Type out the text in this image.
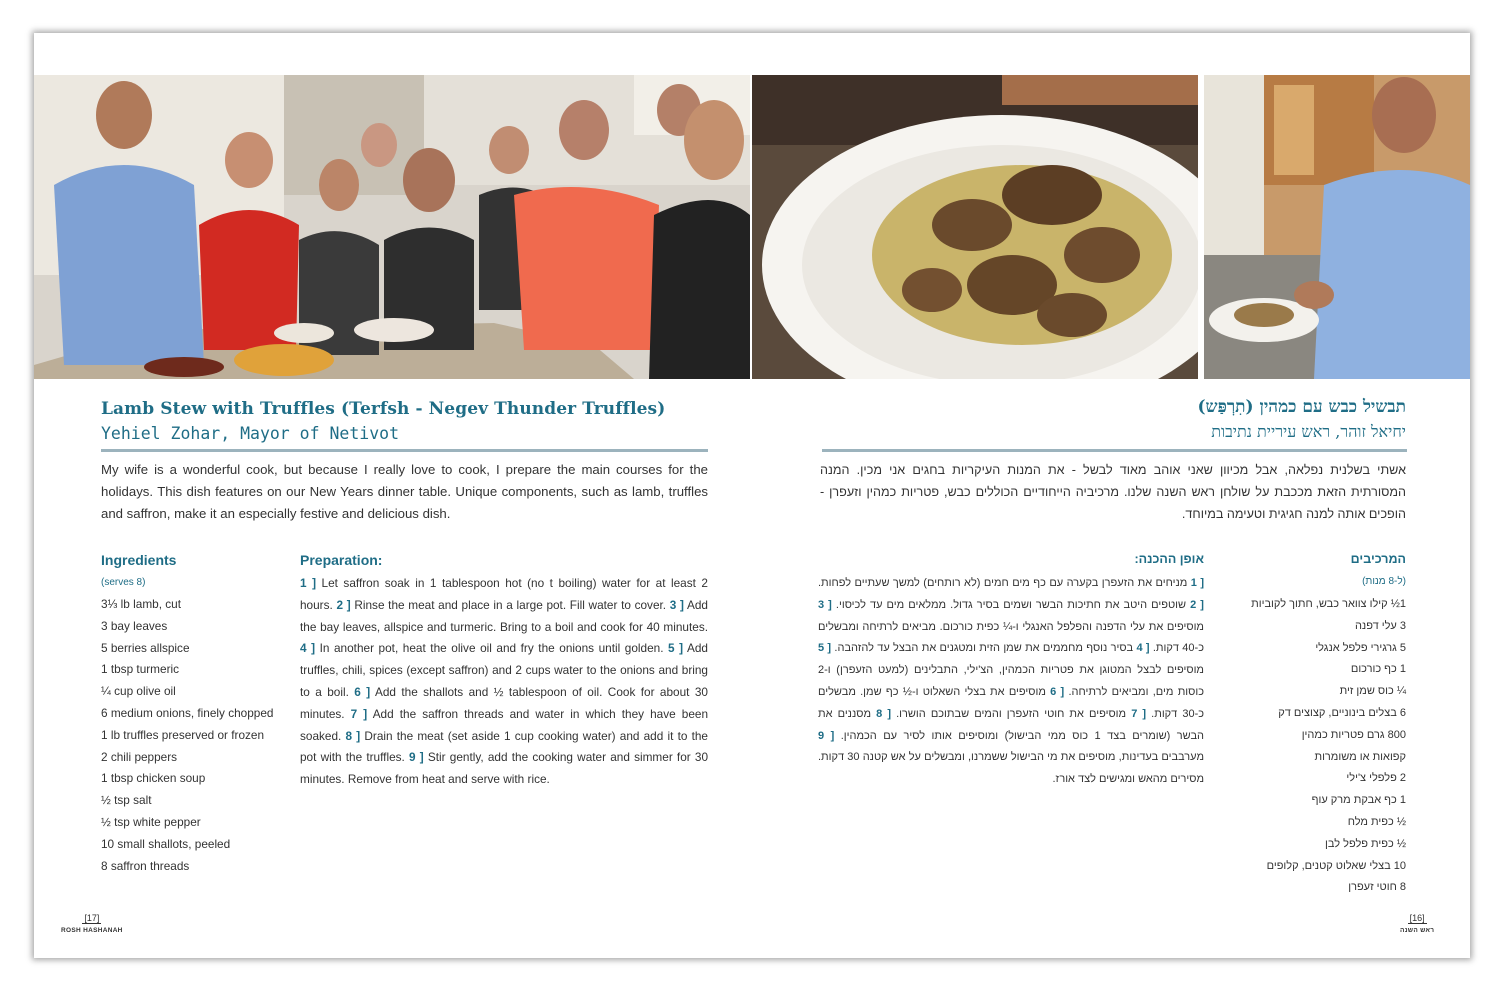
Lamb Stew with Truffles (Terfsh - Negev Thunder Truffles)
Yehiel Zohar, Mayor of Netivot
My wife is a wonderful cook, but because I really love to cook, I prepare the main courses for the holidays. This dish features on our New Years dinner table. Unique components, such as lamb, truffles and saffron, make it an especially festive and delicious dish.
Ingredients
(serves 8)
3⅓ lb lamb, cut
3 bay leaves
5 berries allspice
1 tbsp turmeric
¼ cup olive oil
6 medium onions, finely chopped
1 lb truffles preserved or frozen
2 chili peppers
1 tbsp chicken soup
½ tsp salt
½ tsp white pepper
10 small shallots, peeled
8 saffron threads
Preparation:
1 ] Let saffron soak in 1 tablespoon hot (no t boiling) water for at least 2 hours. 2 ] Rinse the meat and place in a large pot. Fill water to cover. 3 ] Add the bay leaves, allspice and turmeric. Bring to a boil and cook for 40 minutes. 4 ] In another pot, heat the olive oil and fry the onions until golden. 5 ] Add truffles, chili, spices (except saffron) and 2 cups water to the onions and bring to a boil. 6 ] Add the shallots and ½ tablespoon of oil. Cook for about 30 minutes. 7 ] Add the saffron threads and water in which they have been soaked. 8 ] Drain the meat (set aside 1 cup cooking water) and add it to the pot with the truffles. 9 ] Stir gently, add the cooking water and simmer for 30 minutes. Remove from heat and serve with rice.
תבשיל כבש עם כמהין (תִרְפַּש)
יחיאל זוהר, ראש עיריית נתיבות
אשתי בשלנית נפלאה, אבל מכיוון שאני אוהב מאוד לבשל - את המנות העיקריות בחגים אני מכין. המנה המסורתית הזאת מככבת על שולחן ראש השנה שלנו. מרכיביה הייחודיים הכוללים כבש, פטריות כמהין וזעפרן - הופכים אותה למנה חגיגית וטעימה במיוחד.
אופן ההכנה:
[ 1 מניחים את הזעפרן בקערה עם כף מים חמים (לא רותחים) למשך שעתיים לפחות. [ 2 שוטפים היטב את חתיכות הבשר ושמים בסיר גדול. ממלאים מים עד לכיסוי. [ 3 מוסיפים את עלי הדפנה והפלפל האנגלי ו-¼ כפית כורכום. מביאים לרתיחה ומבשלים כ-40 דקות. [ 4 בסיר נוסף מחממים את שמן הזית ומטגנים את הבצל עד להזהבה. [ 5 מוסיפים לבצל המטוגן את פטריות הכמהין, הצ'ילי, התבלינים (למעט הזעפרן) ו-2 כוסות מים, ומביאים לרתיחה. [ 6 מוסיפים את בצלי השאלוט ו-½ כף שמן. מבשלים כ-30 דקות. [ 7 מוסיפים את חוטי הזעפרן והמים שבתוכם הושרו. [ 8 מסננים את הבשר (שומרים בצד 1 כוס ממי הבישול) ומוסיפים אותו לסיר עם הכמהין. [ 9 מערבבים בעדינות, מוסיפים את מי הבישול ששמרנו, ומבשלים על אש קטנה 30 דקות. מסירים מהאש ומגישים לצד אורז.
המרכיבים
(ל-8 מנות)
1½ קילו צוואר כבש, חתוך לקוביות
3 עלי דפנה
5 גרגירי פלפל אנגלי
1 כף כורכום
¼ כוס שמן זית
6 בצלים בינוניים, קצוצים דק
800 גרם פטריות כמהין
קפואות או משומרות
2 פלפלי צ'ילי
1 כף אבקת מרק עוף
½ כפית מלח
½ כפית פלפל לבן
10 בצלי שאלוט קטנים, קלופים
8 חוטי זעפרן
[17]
ROSH HASHANAH
[16]
ראש השנה
